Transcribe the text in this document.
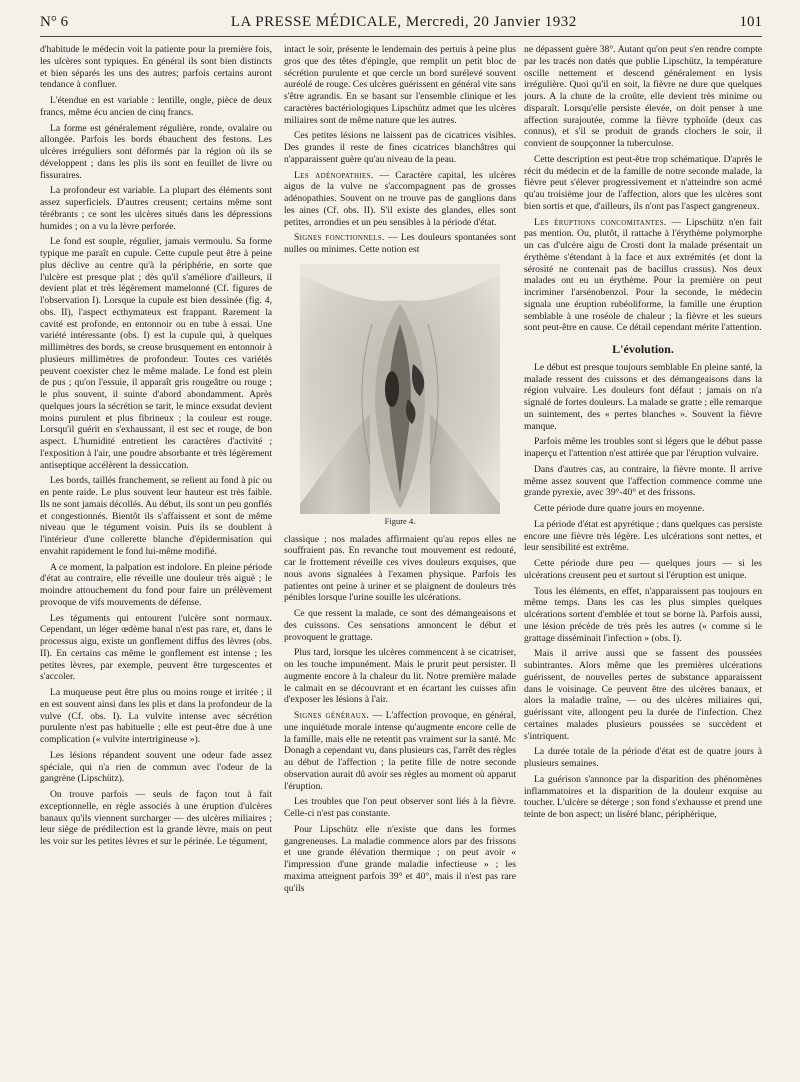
N° 6	LA PRESSE MÉDICALE, Mercredi, 20 Janvier 1932	101

d'habitude le médecin voit la patiente pour la première fois, les ulcères sont typiques. En général ils sont bien distincts et bien séparés les uns des autres; parfois certains auront tendance à confluer.

L'étendue en est variable : lentille, ongle, pièce de deux francs, même écu ancien de cinq francs.

La forme est généralement régulière, ronde, ovalaire ou allongée. Parfois les bords ébauchent des festons. Les ulcères irréguliers sont déformés par la région où ils se développent ; dans les plis ils sont en feuillet de livre ou fissuraires.

La profondeur est variable. La plupart des éléments sont assez superficiels. D'autres creusent; certains même sont térébrants ; ce sont les ulcères situés dans les dépressions humides ; on a vu la lèvre perforée.

Le fond est souple, régulier, jamais vermoulu. Sa forme typique me paraît en cupule. Cette cupule peut être à peine plus déclive au centre qu'à la périphérie, en sorte que l'ulcère est presque plat ; dès qu'il s'améliore d'ailleurs, il devient plat et très légèrement mamelonné (Cf. figures de l'observation I). Lorsque la cupule est bien dessinée (fig. 4, obs. II), l'aspect ecthymateux est frappant. Rarement la cavité est profonde, en entonnoir ou en tube à essai. Une variété intéressante (obs. I) est la cupule qui, à quelques millimètres des bords, se creuse brusquement en entonnoir à plusieurs millimètres de profondeur. Toutes ces variétés peuvent coexister chez le même malade. Le fond est plein de pus ; qu'on l'essuie, il apparaît gris rougeâtre ou rouge ; le plus souvent, il suinte d'abord abondamment. Après quelques jours la sécrétion se tarit, le mince exsudat devient moins purulent et plus fibrineux ; la couleur est rouge. Lorsqu'il guérit en s'exhaussant, il est sec et rouge, de bon aspect. L'humidité entretient les caractères d'activité ; l'exposition à l'air, une poudre absorbante et très légèrement antiseptique accélèrent la dessiccation.

Les bords, taillés franchement, se relient au fond à pic ou en pente raide. Le plus souvent leur hauteur est très faible. Ils ne sont jamais décollés. Au début, ils sont un peu gonflés et congestionnés. Bientôt ils s'affaissent et sont de même niveau que le tégument voisin. Puis ils se doublent à l'intérieur d'une collerette blanche d'épidermisation qui envahit rapidement le fond lui-même modifié.

A ce moment, la palpation est indolore. En pleine période d'état au contraire, elle réveille une douleur très aiguë ; le moindre attouchement du fond pour faire un prélèvement provoque de vifs mouvements de défense.

Les téguments qui entourent l'ulcère sont normaux. Cependant, un léger œdème banal n'est pas rare, et, dans le processus aigu, existe un gonflement diffus des lèvres (obs. II). En certains cas même le gonflement est intense ; les petites lèvres, par exemple, peuvent être turgescentes et s'accoler.

La muqueuse peut être plus ou moins rouge et irritée ; il en est souvent ainsi dans les plis et dans la profondeur de la vulve (Cf. obs. I). La vulvite intense avec sécrétion purulente n'est pas habituelle ; elle est peut-être due à une complication (« vulvite intertrigineuse »).

Les lésions répandent souvent une odeur fade assez spéciale, qui n'a rien de commun avec l'odeur de la gangrène (Lipschütz).

On trouve parfois — seuls de façon tout à fait exceptionnelle, en règle associés à une éruption d'ulcères banaux qu'ils viennent surcharger — des ulcères miliaires ; leur siège de prédilection est la grande lèvre, mais on peut les voir sur les petites lèvres et sur le périnée. Le tégument,

intact le soir, présente le lendemain des pertuis à peine plus gros que des têtes d'épingle, que remplit un petit bloc de sécrétion purulente et que cercle un bord surélevé souvent auréolé de rouge. Ces ulcères guérissent en général vite sans s'être agrandis. En se basant sur l'ensemble clinique et les caractères bactériologiques Lipschütz admet que les ulcères miliaires sont de même nature que les autres.

Ces petites lésions ne laissent pas de cicatrices visibles. Des grandes il reste de fines cicatrices blanchâtres qui n'apparaissent guère qu'au niveau de la peau.

Les adénopathies. — Caractère capital, les ulcères aigus de la vulve ne s'accompagnent pas de grosses adénopathies. Souvent on ne trouve pas de ganglions dans les aines (Cf. obs. II). S'il existe des glandes, elles sont petites, arrondies et un peu sensibles à la période d'état.

Signes fonctionnels. — Les douleurs spontanées sont nulles ou minimes. Cette notion est

Figure 4.

classique ; nos malades affirmaient qu'au repos elles ne souffraient pas. En revanche tout mouvement est redouté, car le frottement réveille ces vives douleurs exquises, que nous avons signalées à l'examen physique. Parfois les patientes ont peine à uriner et se plaignent de douleurs très pénibles lorsque l'urine souille les ulcérations.

Ce que ressent la malade, ce sont des démangeaisons et des cuissons. Ces sensations annoncent le début et provoquent le grattage.

Plus tard, lorsque les ulcères commencent à se cicatriser, on les touche impunément. Mais le prurit peut persister. Il augmente encore à la chaleur du lit. Notre première malade le calmait en se découvrant et en écartant les cuisses afin d'exposer les lésions à l'air.

Signes généraux. — L'affection provoque, en général, une inquiétude morale intense qu'augmente encore celle de la famille, mais elle ne retentit pas vraiment sur la santé. Mc Donagh a cependant vu, dans plusieurs cas, l'arrêt des règles au début de l'affection ; la petite fille de notre seconde observation aurait dû avoir ses règles au moment où apparut l'éruption.

Les troubles que l'on peut observer sont liés à la fièvre. Celle-ci n'est pas constante.

Pour Lipschütz elle n'existe que dans les formes gangreneuses. La maladie commence alors par des frissons et une grande élévation thermique ; on peut avoir « l'impression d'une grande maladie infectieuse » ; les maxima atteignent parfois 39° et 40°, mais il n'est pas rare qu'ils

ne dépassent guère 38°. Autant qu'on peut s'en rendre compte par les tracés non datés que publie Lipschütz, la température oscille nettement et descend généralement en lysis irrégulière. Quoi qu'il en soit, la fièvre ne dure que quelques jours. A la chute de la croûte, elle devient très minime ou disparaît. Lorsqu'elle persiste élevée, on doit penser à une affection surajoutée, comme la fièvre typhoïde (deux cas connus), et s'il se produit de grands clochers le soir, il convient de soupçonner la tuberculose.

Cette description est peut-être trop schématique. D'après le récit du médecin et de la famille de notre seconde malade, la fièvre peut s'élever progressivement et n'atteindre son acmé qu'au troisième jour de l'affection, alors que les ulcères sont bien sortis et que, d'ailleurs, ils n'ont pas l'aspect gangreneux.

Les éruptions concomitantes. — Lipschütz n'en fait pas mention. Ou, plutôt, il rattache à l'érythème polymorphe un cas d'ulcère aigu de Crosti dont la malade présentait un érythème s'étendant à la face et aux extrémités (et dont la sérosité ne contenait pas de bacillus crassus). Nos deux malades ont eu un érythème. Pour la première on peut incriminer l'arsénobenzol. Pour la seconde, le médecin signala une éruption rubéoliforme, la famille une éruption semblable à une roséole de chaleur ; la fièvre et les sueurs sont peut-être en cause. Ce détail cependant mérite l'attention.

L'évolution.

Le début est presque toujours semblable En pleine santé, la malade ressent des cuissons et des démangeaisons dans la région vulvaire. Les douleurs font défaut ; jamais on n'a signalé de fortes douleurs. La malade se gratte ; elle remarque un suintement, des « pertes blanches ». Souvent la fièvre manque.

Parfois même les troubles sont si légers que le début passe inaperçu et l'attention n'est attirée que par l'éruption vulvaire.

Dans d'autres cas, au contraire, la fièvre monte. Il arrive même assez souvent que l'affection commence comme une grande pyrexie, avec 39°-40° et des frissons.

Cette période dure quatre jours en moyenne.

La période d'état est apyrétique ; dans quelques cas persiste encore une fièvre très légère. Les ulcérations sont nettes, et leur sensibilité est extrême.

Cette période dure peu — quelques jours — si les ulcérations creusent peu et surtout si l'éruption est unique.

Tous les éléments, en effet, n'apparaissent pas toujours en même temps. Dans les cas les plus simples quelques ulcérations sortent d'emblée et tout se borne là. Parfois aussi, une lésion précède de très près les autres (« comme si le grattage disséminait l'infection » (obs. I).

Mais il arrive aussi que se fassent des poussées subintrantes. Alors même que les premières ulcérations guérissent, de nouvelles pertes de substance apparaissent dans le voisinage. Ce peuvent être des ulcères banaux, et alors la maladie traîne, — ou des ulcères miliaires qui, guérissant vite, allongent peu la durée de l'infection. Chez certaines malades plusieurs poussées se succèdent et s'intriquent.

La durée totale de la période d'état est de quatre jours à plusieurs semaines.

La guérison s'annonce par la disparition des phénomènes inflammatoires et la disparition de la douleur exquise au toucher. L'ulcère se déterge ; son fond s'exhausse et prend une teinte de bon aspect; un liséré blanc, périphérique,
